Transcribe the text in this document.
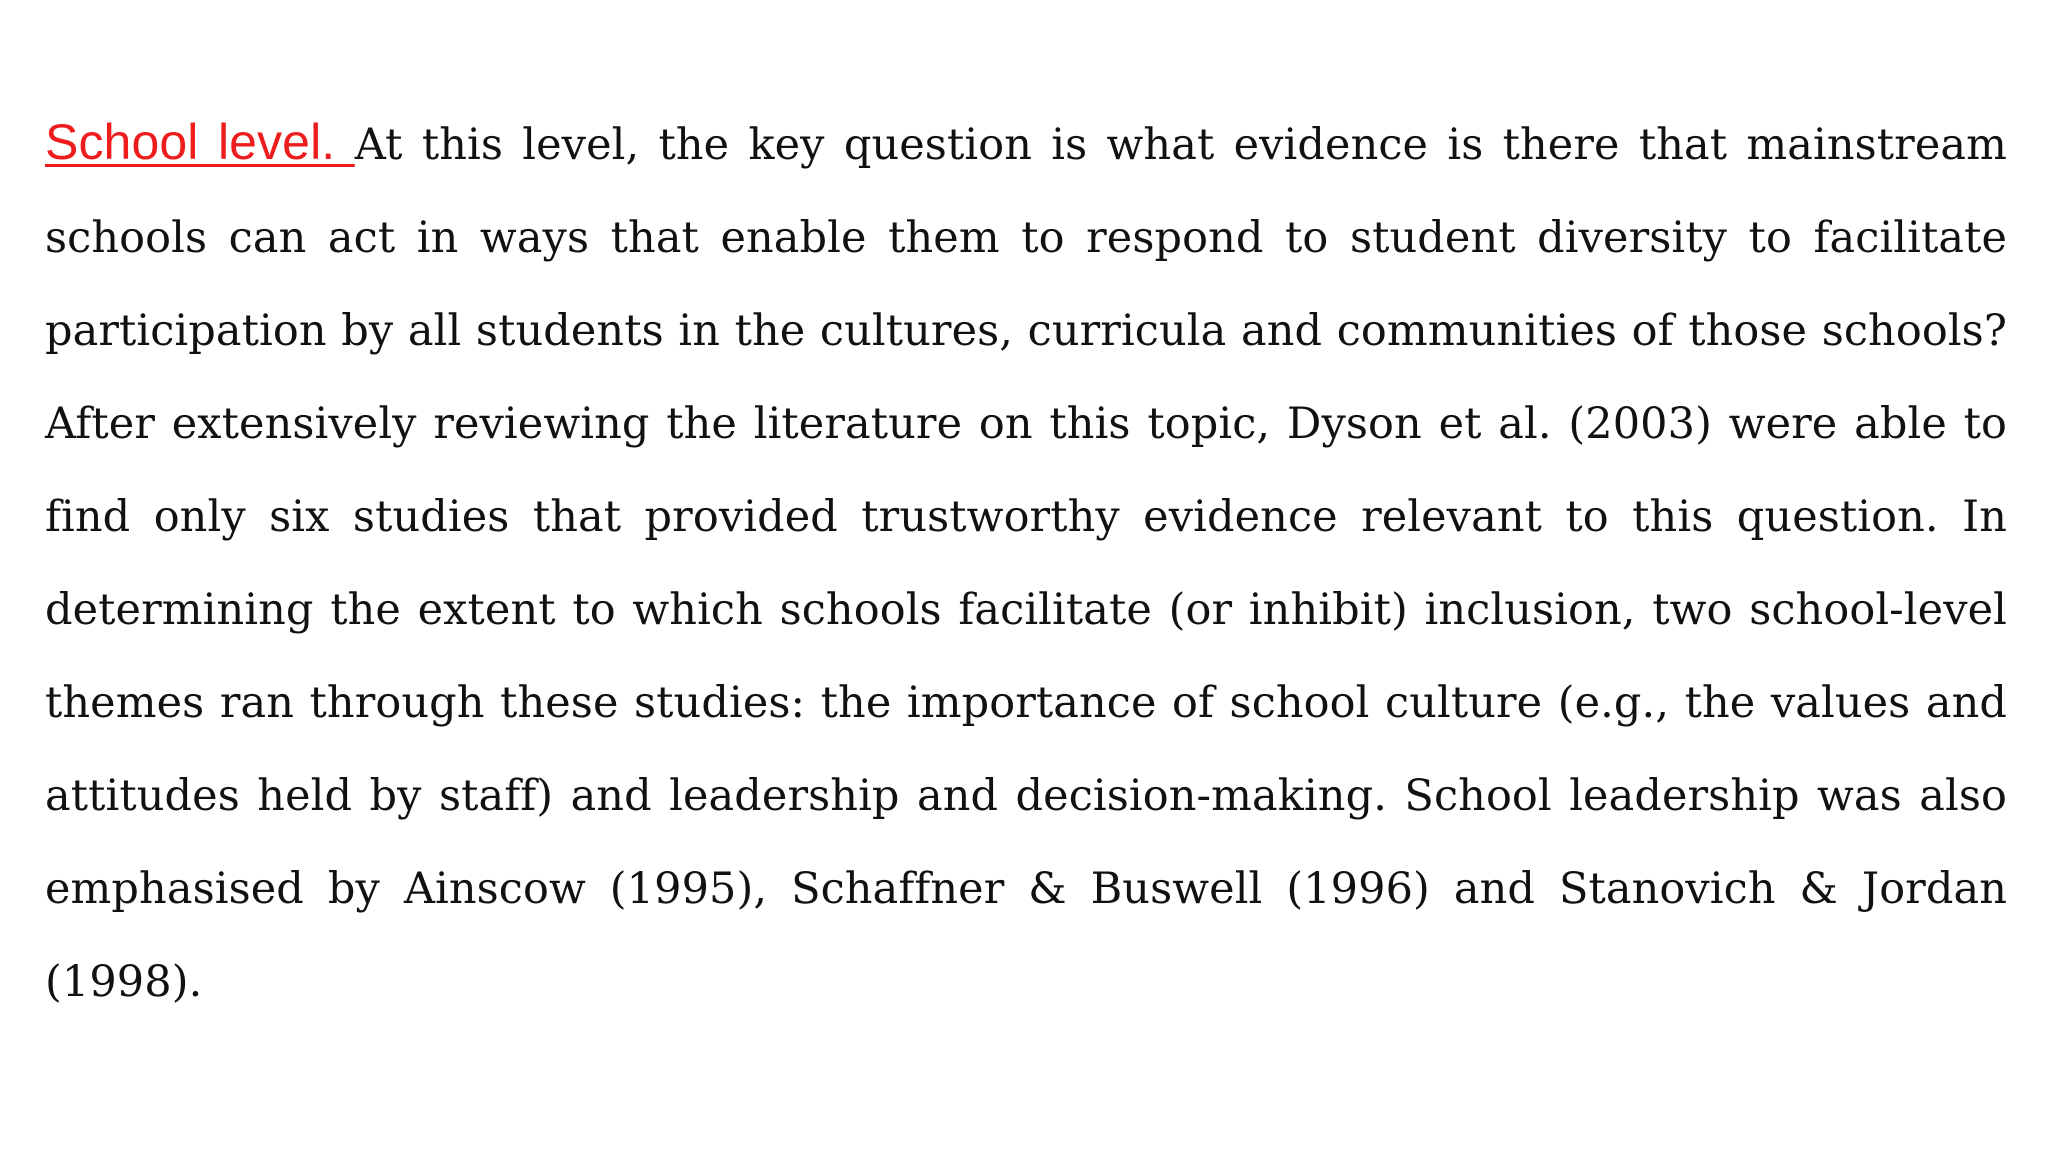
School level. At this level, the key question is what evidence is there that mainstream schools can act in ways that enable them to respond to student diversity to facilitate participation by all students in the cultures, curricula and communities of those schools? After extensively reviewing the literature on this topic, Dyson et al. (2003) were able to find only six studies that provided trustworthy evidence relevant to this question. In determining the extent to which schools facilitate (or inhibit) inclusion, two school-level themes ran through these studies: the importance of school culture (e.g., the values and attitudes held by staff) and leadership and decision-making. School leadership was also emphasised by Ainscow (1995), Schaffner & Buswell (1996) and Stanovich & Jordan (1998).
